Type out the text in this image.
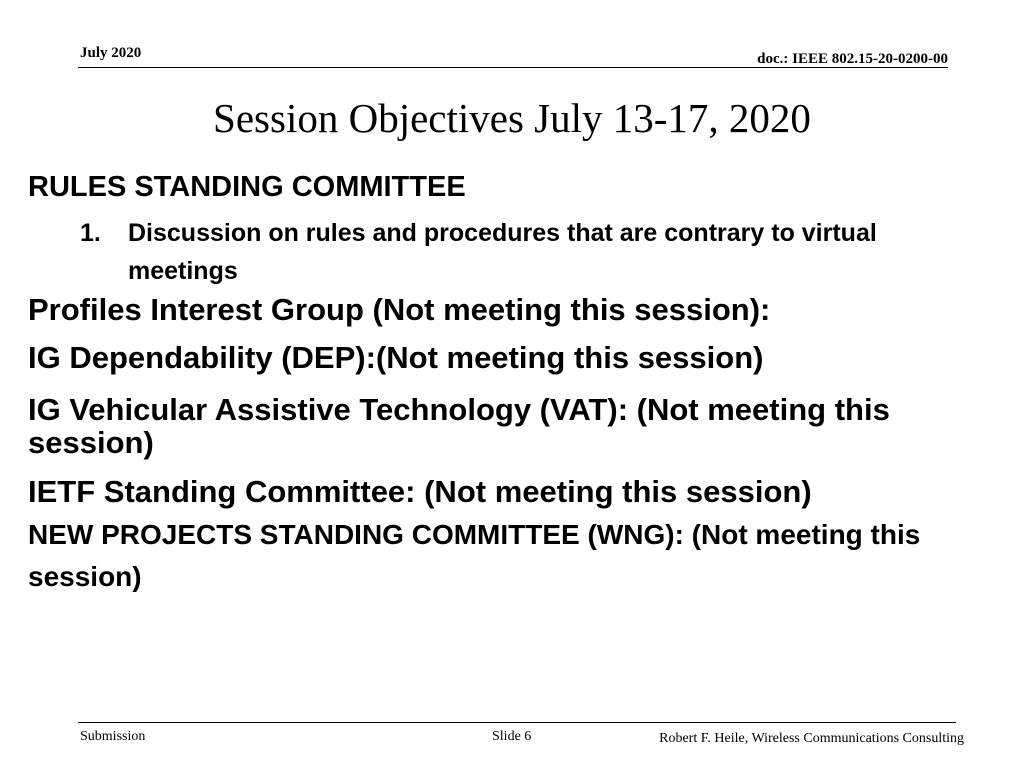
July 2020	doc.: IEEE 802.15-20-0200-00
Session Objectives July 13-17, 2020
RULES STANDING COMMITTEE
1.	Discussion on rules and procedures that are contrary to virtual meetings
Profiles Interest Group (Not meeting this session):
IG Dependability (DEP):(Not meeting this session)
IG Vehicular Assistive Technology (VAT): (Not meeting this session)
IETF Standing Committee: (Not meeting this session)
NEW PROJECTS STANDING COMMITTEE (WNG): (Not meeting this session)
Submission	Slide 6	Robert F. Heile, Wireless Communications Consulting
